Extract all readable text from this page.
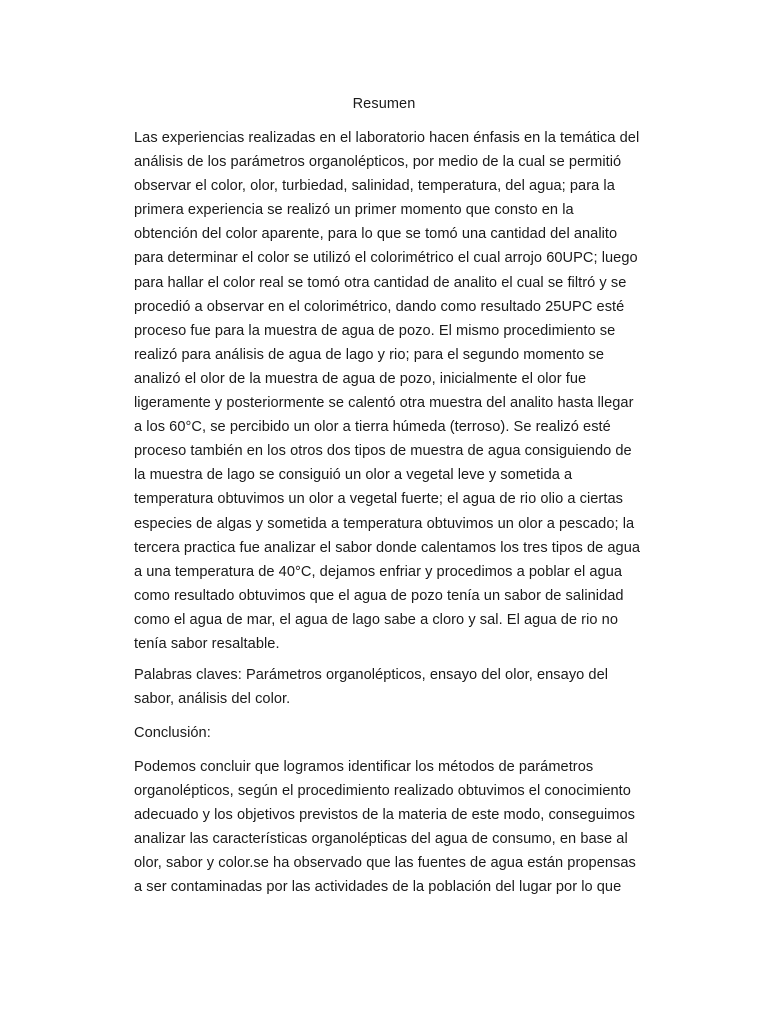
Resumen
Las experiencias realizadas en el laboratorio hacen énfasis en la temática del
análisis de los parámetros organolépticos, por medio de la cual se permitió
observar el color, olor, turbiedad, salinidad, temperatura, del agua; para la
primera experiencia se realizó un primer momento que consto en la
obtención del color aparente, para lo que se tomó una cantidad del analito
para determinar el color se utilizó el colorimétrico el cual arrojo 60UPC; luego
para hallar el color real se tomó otra cantidad de analito el cual se filtró y se
procedió a observar en el colorimétrico, dando como resultado 25UPC esté
proceso fue para la muestra de agua de pozo. El mismo procedimiento se
realizó para análisis de agua de lago y rio; para el segundo momento se
analizó el olor de la muestra de agua de pozo, inicialmente el olor fue
ligeramente y posteriormente se calentó otra muestra del analito hasta llegar
a los 60°C, se percibido un olor a tierra húmeda (terroso). Se realizó esté
proceso también en los otros dos tipos de muestra de agua consiguiendo de
la muestra de lago se consiguió un olor a vegetal leve y sometida a
temperatura obtuvimos un olor a vegetal fuerte; el agua de rio olio a ciertas
especies de algas y sometida a temperatura obtuvimos un olor a pescado; la
tercera practica fue analizar el sabor donde calentamos los tres tipos de agua
a una temperatura de 40°C, dejamos enfriar y procedimos a poblar el agua
como resultado obtuvimos que el agua de pozo tenía un sabor de salinidad
como el agua de mar, el agua de lago sabe a cloro y sal. El agua de rio no
tenía sabor resaltable.
Palabras claves: Parámetros organolépticos, ensayo del olor, ensayo del
sabor, análisis del color.
Conclusión:
Podemos concluir que logramos identificar los métodos de parámetros
organolépticos, según el procedimiento realizado obtuvimos el conocimiento
adecuado y los objetivos previstos de la materia de este modo, conseguimos
analizar las características organolépticas del agua de consumo, en base al
olor, sabor y color.se ha observado que las fuentes de agua están propensas
a ser contaminadas por las actividades de la población del lugar por lo que
